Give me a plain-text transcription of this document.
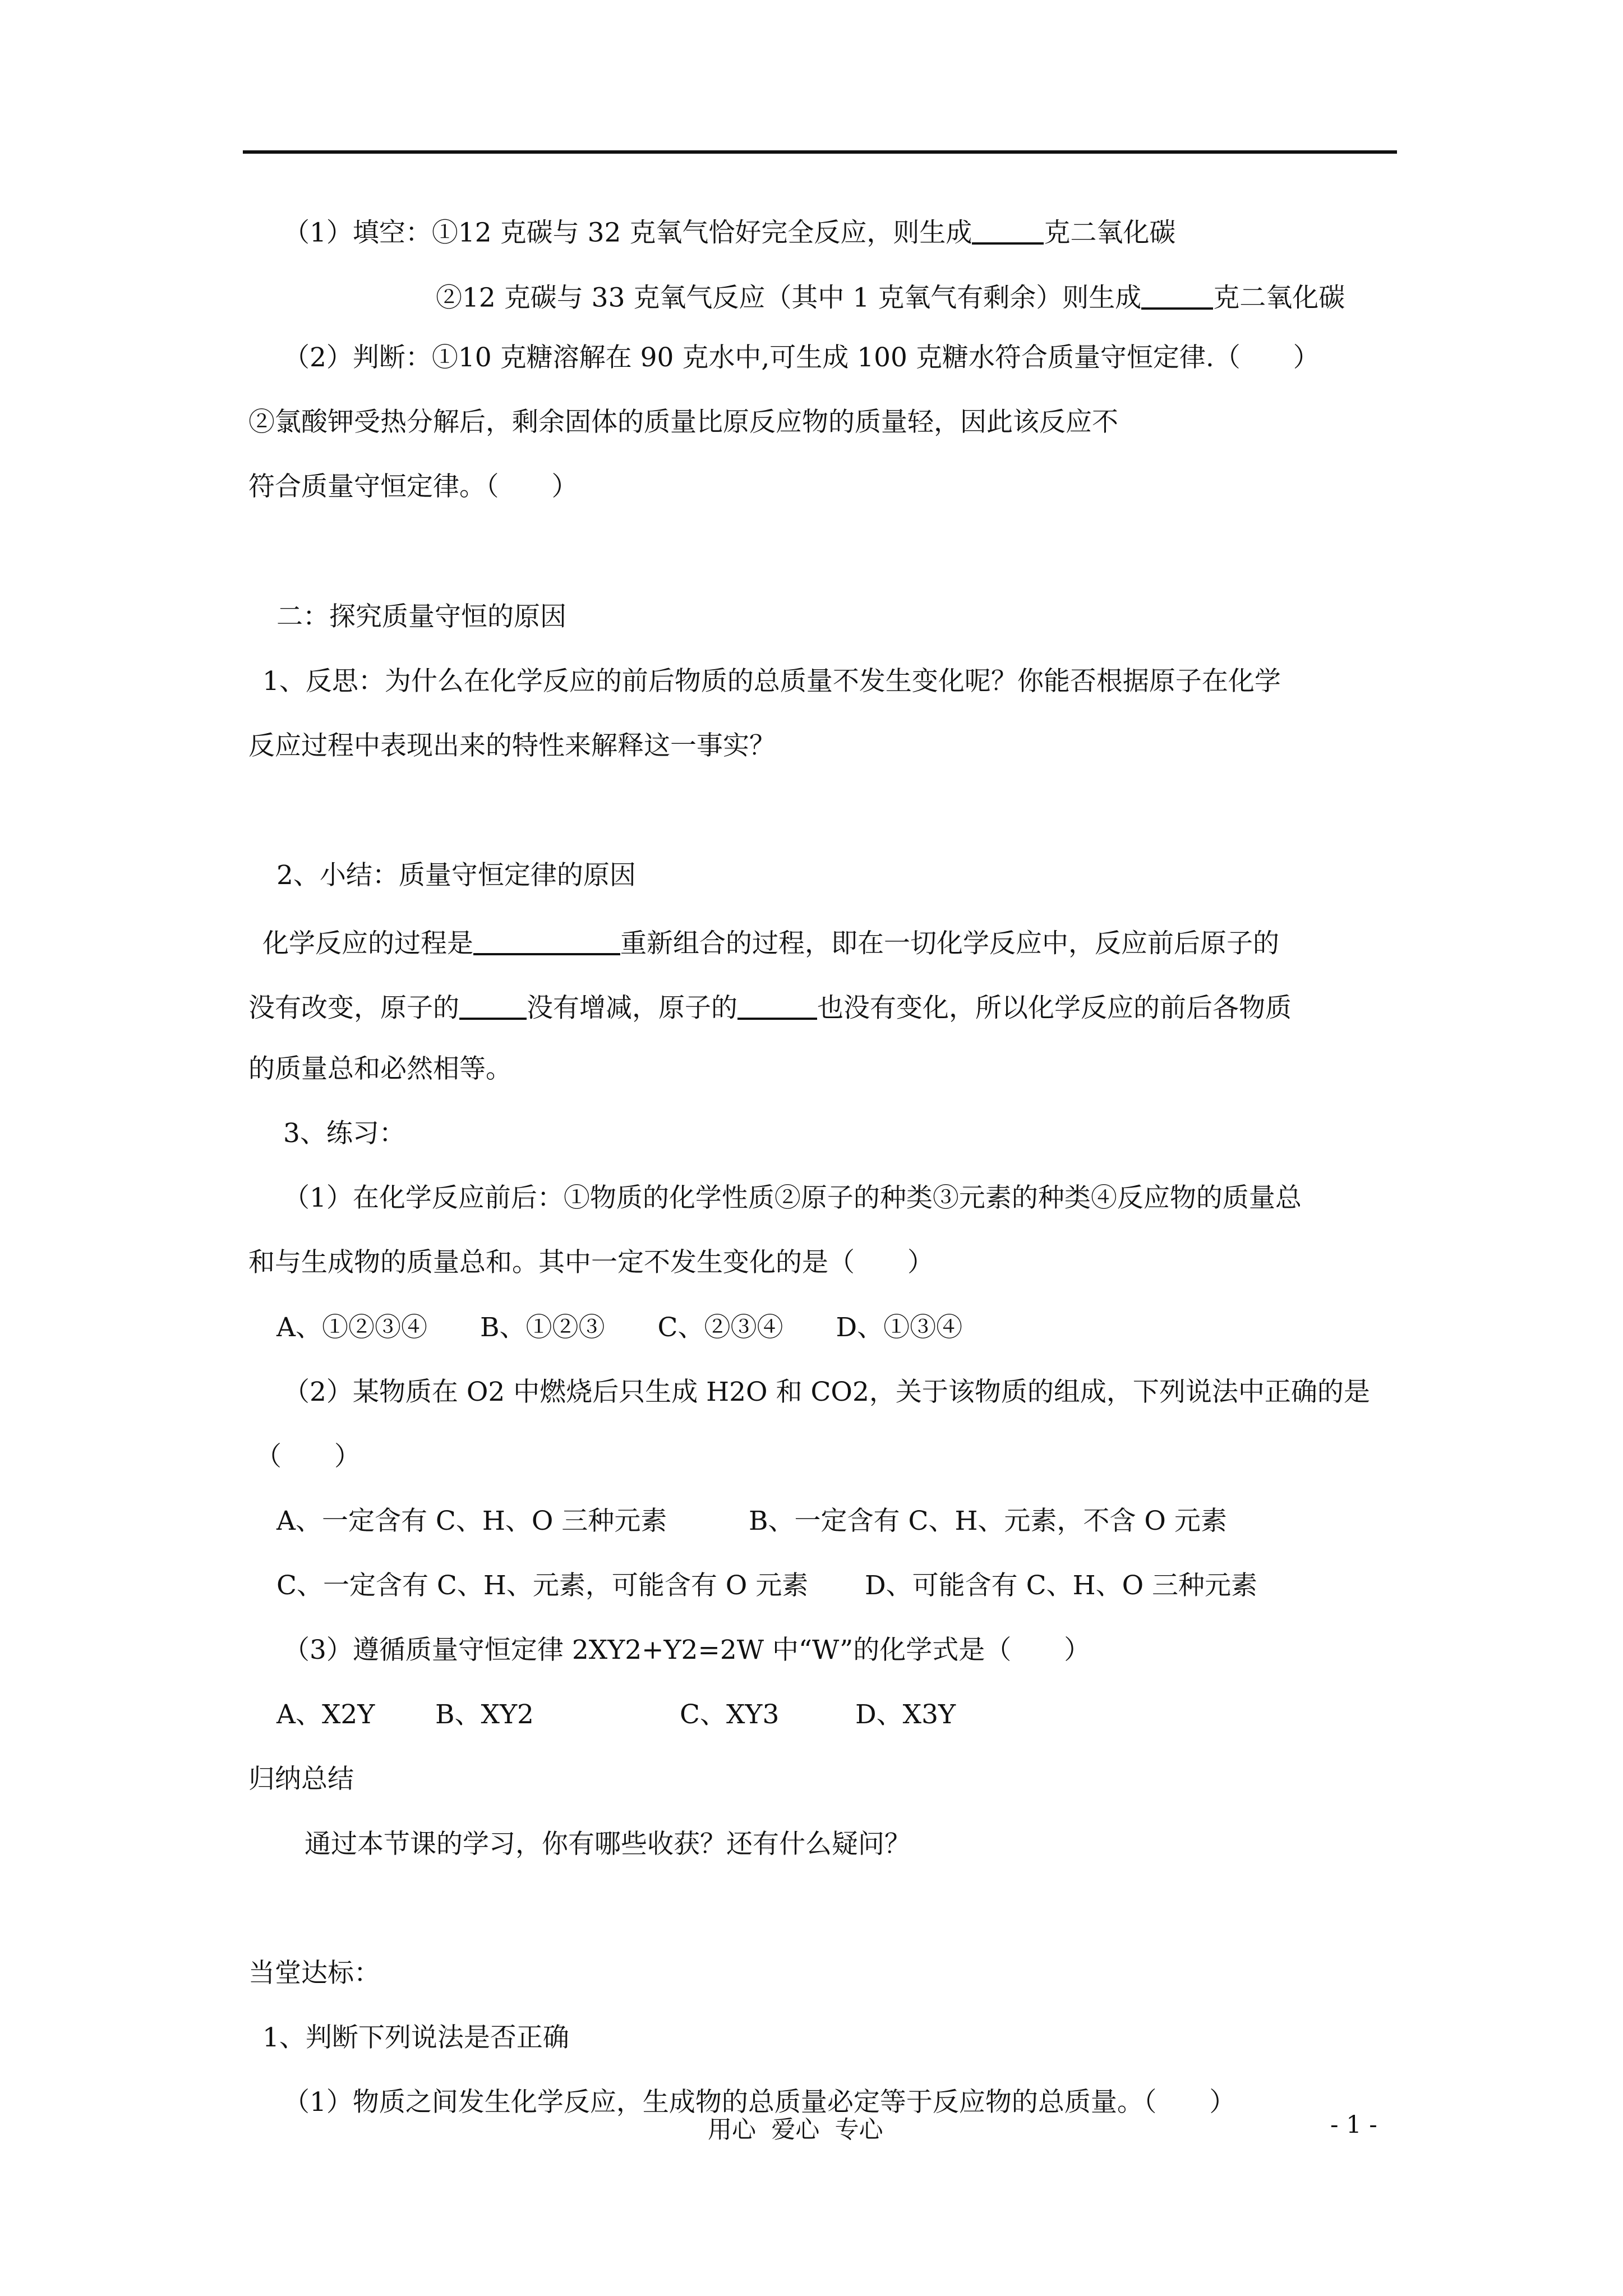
（1）填空：①12 克碳与 32 克氧气恰好完全反应，则生成	克二氧化碳
②12 克碳与 33 克氧气反应（其中 1 克氧气有剩余）则生成	克二氧化碳
（2）判断：①10 克糖溶解在 90 克水中,可生成 100 克糖水符合质量守恒定律.（　　）
②氯酸钾受热分解后，剩余固体的质量比原反应物的质量轻，因此该反应不
符合质量守恒定律。（　　）
二：探究质量守恒的原因
1、反思：为什么在化学反应的前后物质的总质量不发生变化呢？你能否根据原子在化学
反应过程中表现出来的特性来解释这一事实？
2、小结：质量守恒定律的原因
化学反应的过程是	重新组合的过程，即在一切化学反应中，反应前后原子的
没有改变，原子的	没有增减，原子的	也没有变化，所以化学反应的前后各物质
的质量总和必然相等。
3、练习：
（1）在化学反应前后：①物质的化学性质②原子的种类③元素的种类④反应物的质量总
和与生成物的质量总和。其中一定不发生变化的是（　　）
A、①②③④　　B、①②③　　C、②③④　　D、①③④
（2）某物质在 O2 中燃烧后只生成 H2O 和 CO2，关于该物质的组成，下列说法中正确的是
（　　）
A、一定含有 C、H、O 三种元素	B、一定含有 C、H、元素，不含 O 元素
C、一定含有 C、H、元素，可能含有 O 元素 D、可能含有 C、H、O 三种元素
（3）遵循质量守恒定律 2XY2+Y2=2W 中“W”的化学式是（　　）
A、X2Y B、XY2	C、XY3	D、X3Y
归纳总结
通过本节课的学习，你有哪些收获？还有什么疑问？
当堂达标：
1、判断下列说法是否正确
（1）物质之间发生化学反应，生成物的总质量必定等于反应物的总质量。（　　）
用心  爱心  专心	- 1 -
